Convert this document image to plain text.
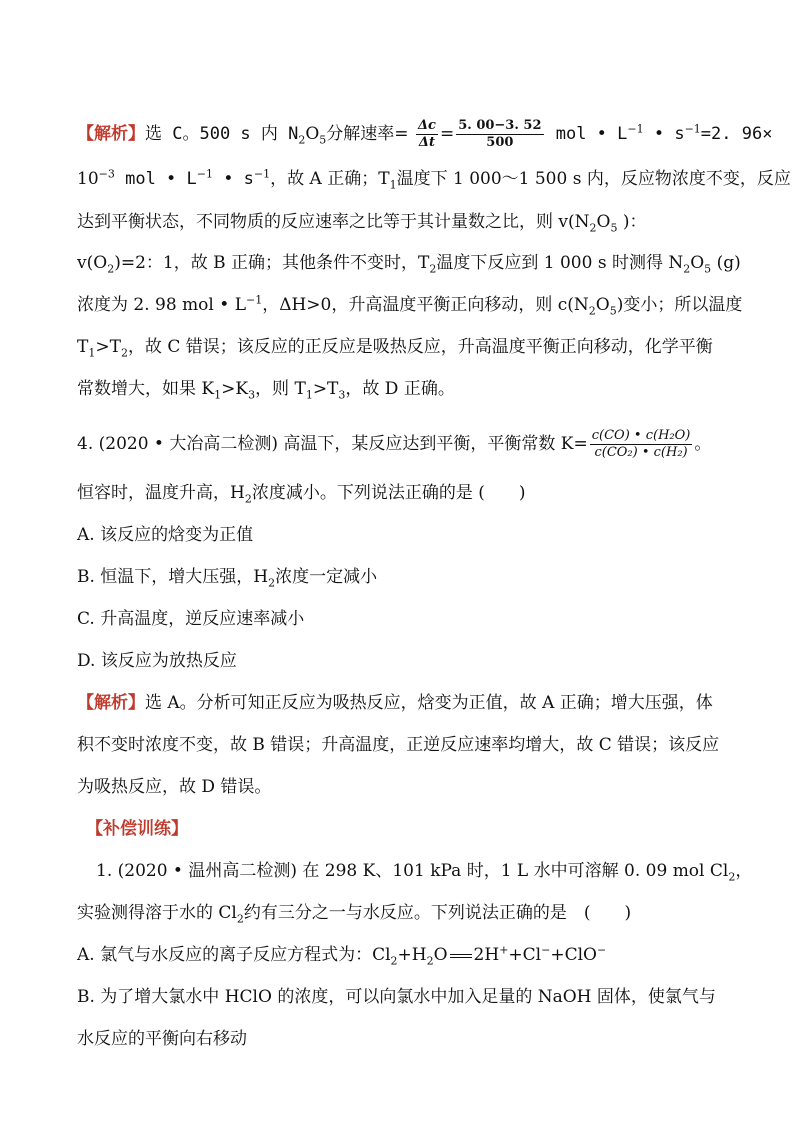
【解析】选 C。500 s 内 $N_2O_5$分解速率= $\frac{\Delta c}{\Delta t} = \frac{5. 00-3. 52}{500}$ mol • $L^{-1}$ • $s^{-1}=2$. 96×
$10^{-3}$ mol • $L^{-1}$ • $s^{-1}$，故 A 正确；$T_1$温度下 1 000～1 500 s 内，反应物浓度不变，反应
达到平衡状态，不同物质的反应速率之比等于其计量数之比，则 $v(N_2O_5$ )：
$v(O_2)=2$：1，故 B 正确；其他条件不变时，$T_2$温度下反应到 1 000 s 时测得 $N_2O_5$ (g)
浓度为 2. 98 mol • $L^{-1}$，ΔH>0，升高温度平衡正向移动，则 $c(N_2O_5)$变小；所以温度
$T_1>T_2$，故 C 错误；该反应的正反应是吸热反应，升高温度平衡正向移动，化学平衡
常数增大，如果 $K_1>K_3$，则 $T_1>T_3$，故 D 正确。
4. (2020 • 大冶高二检测) 高温下，某反应达到平衡，平衡常数 $K= \frac{\text{c(CO) • c(H₂O)}}{\text{c(CO₂) • c(H₂)}}$ 。
恒容时，温度升高，$H_2$浓度减小。下列说法正确的是 (　　)
A. 该反应的焓变为正值
B. 恒温下，增大压强，$H_2$浓度一定减小
C. 升高温度，逆反应速率减小
D. 该反应为放热反应
【解析】选 A。分析可知正反应为吸热反应，焓变为正值，故 A 正确；增大压强，体
积不变时浓度不变，故 B 错误；升高温度，正逆反应速率均增大，故 C 错误；该反应
为吸热反应，故 D 错误。
【补偿训练】
1. (2020 • 温州高二检测) 在 298 K、101 kPa 时，1 L 水中可溶解 0. 09 mol $Cl_2$，
实验测得溶于水的 $Cl_2$约有三分之一与水反应。下列说法正确的是　(　　)
A. 氯气与水反应的离子反应方程式为：$Cl_2+H_2O$ 2H++Cl−+ClO−
B. 为了增大氯水中 HClO 的浓度，可以向氯水中加入足量的 NaOH 固体，使氯气与
水反应的平衡向右移动
